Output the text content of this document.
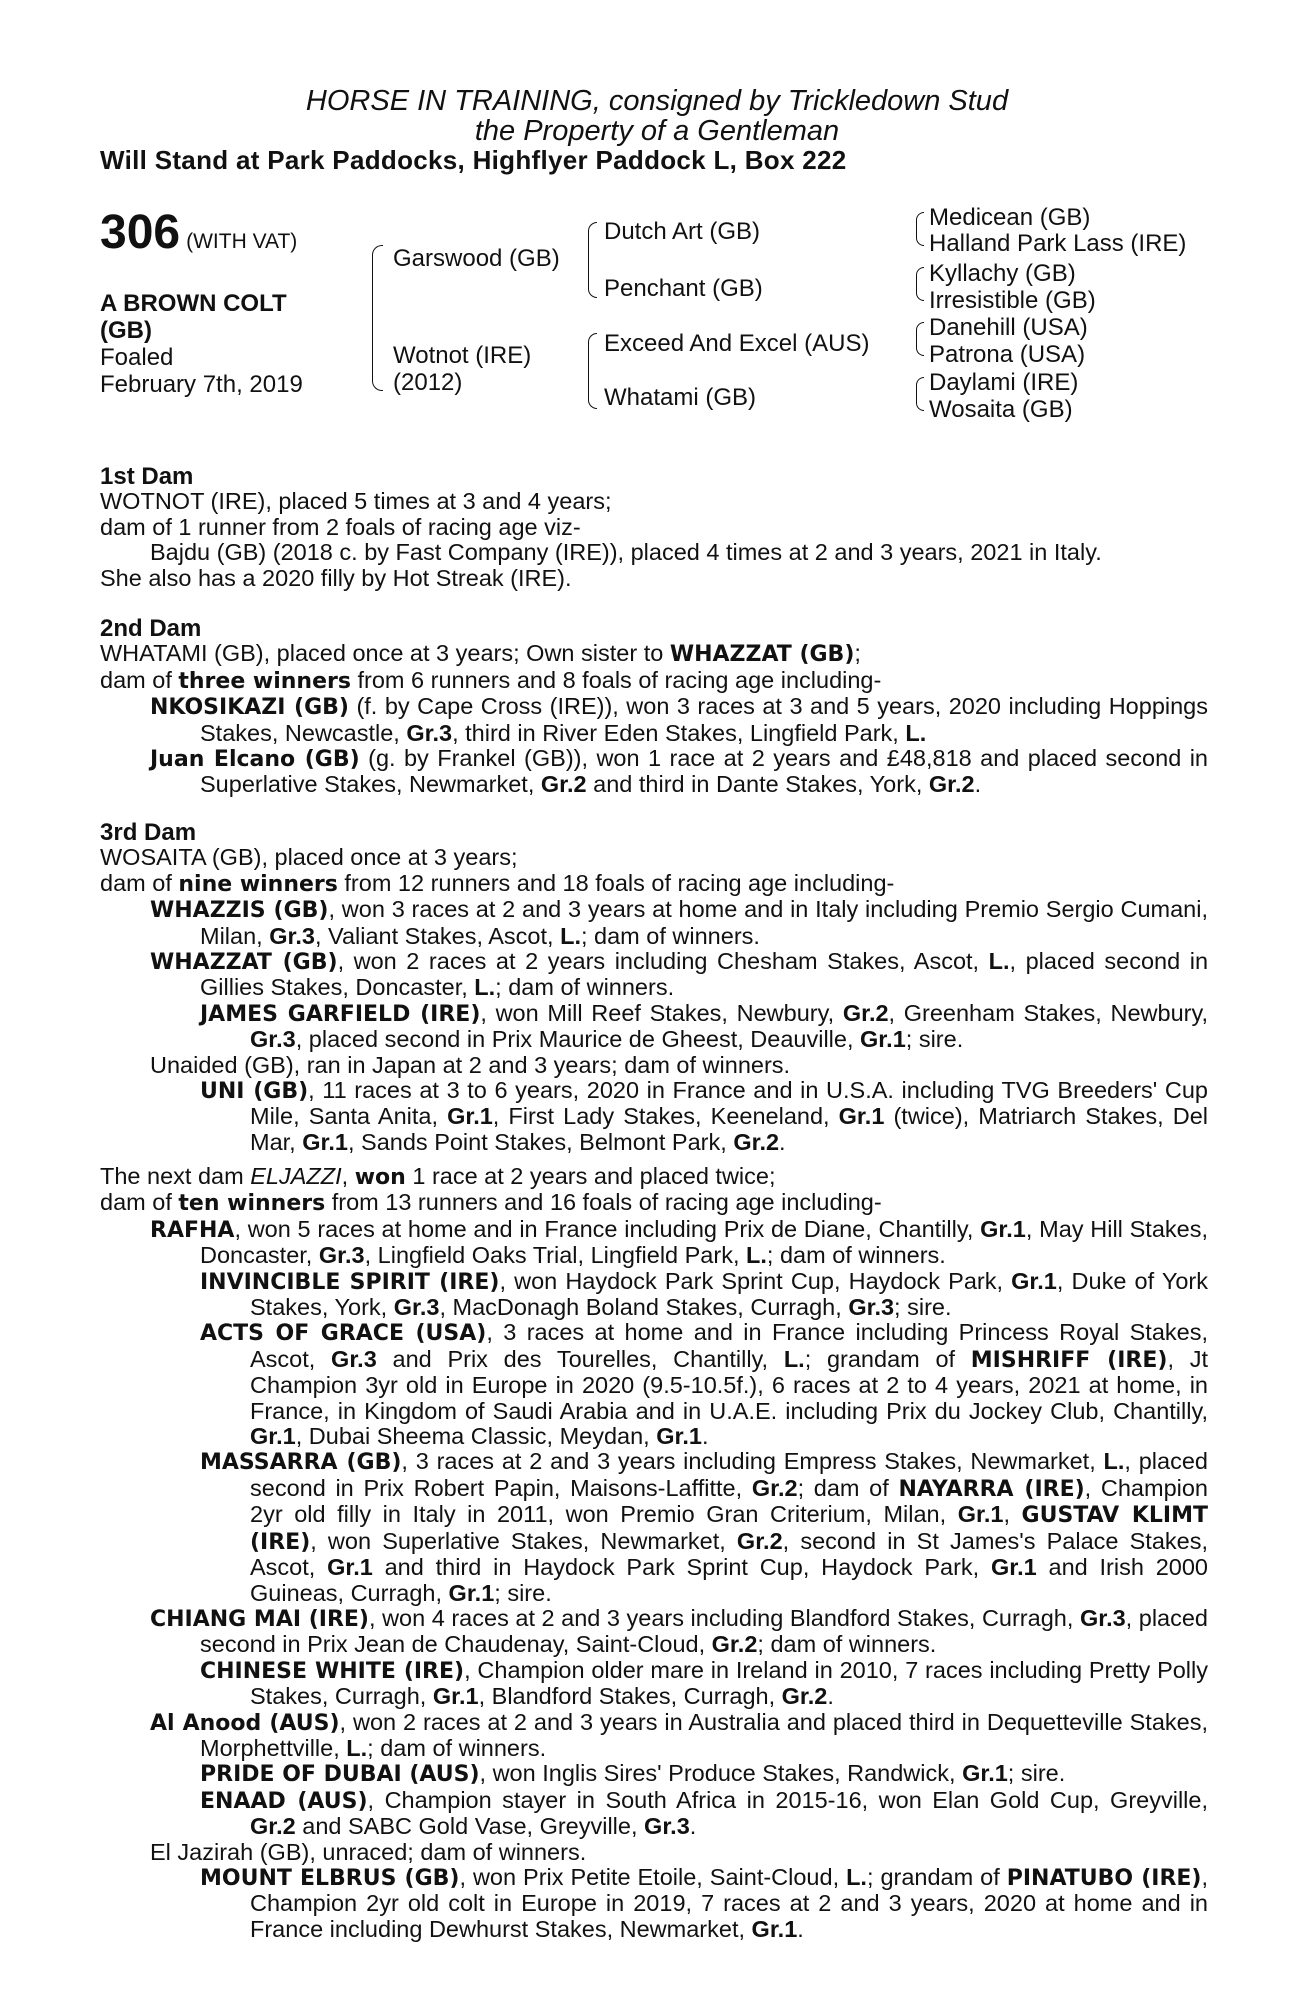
HORSE IN TRAINING, consigned by Trickledown Stud
the Property of a Gentleman
Will Stand at Park Paddocks, Highflyer Paddock L, Box 222
306 (WITH VAT)
A BROWN COLT
(GB)
Foaled
February 7th, 2019
Garswood (GB)
Wotnot (IRE)
(2012)
Dutch Art (GB)
Penchant (GB)
Exceed And Excel (AUS)
Whatami (GB)
Medicean (GB)
Halland Park Lass (IRE)
Kyllachy (GB)
Irresistible (GB)
Danehill (USA)
Patrona (USA)
Daylami (IRE)
Wosaita (GB)

1st Dam

WOTNOT (IRE), placed 5 times at 3 and 4 years;

dam of 1 runner from 2 foals of racing age viz-

Bajdu (GB) (2018 c. by Fast Company (IRE)), placed 4 times at 2 and 3 years, 2021 in Italy.

She also has a 2020 filly by Hot Streak (IRE).

2nd Dam

WHATAMI (GB), placed once at 3 years; Own sister to WHAZZAT (GB);

dam of three winners from 6 runners and 8 foals of racing age including-

NKOSIKAZI (GB) (f. by Cape Cross (IRE)), won 3 races at 3 and 5 years, 2020 including Hoppings Stakes, Newcastle, Gr.3, third in River Eden Stakes, Lingfield Park, L.

Juan Elcano (GB) (g. by Frankel (GB)), won 1 race at 2 years and £48,818 and placed second in Superlative Stakes, Newmarket, Gr.2 and third in Dante Stakes, York, Gr.2.

3rd Dam

WOSAITA (GB), placed once at 3 years;

dam of nine winners from 12 runners and 18 foals of racing age including-

WHAZZIS (GB), won 3 races at 2 and 3 years at home and in Italy including Premio Sergio Cumani, Milan, Gr.3, Valiant Stakes, Ascot, L.; dam of winners.

WHAZZAT (GB), won 2 races at 2 years including Chesham Stakes, Ascot, L., placed second in Gillies Stakes, Doncaster, L.; dam of winners.

JAMES GARFIELD (IRE), won Mill Reef Stakes, Newbury, Gr.2, Greenham Stakes, Newbury, Gr.3, placed second in Prix Maurice de Gheest, Deauville, Gr.1; sire.

Unaided (GB), ran in Japan at 2 and 3 years; dam of winners.

UNI (GB), 11 races at 3 to 6 years, 2020 in France and in U.S.A. including TVG Breeders' Cup Mile, Santa Anita, Gr.1, First Lady Stakes, Keeneland, Gr.1 (twice), Matriarch Stakes, Del Mar, Gr.1, Sands Point Stakes, Belmont Park, Gr.2.

The next dam ELJAZZI, won 1 race at 2 years and placed twice;

dam of ten winners from 13 runners and 16 foals of racing age including-

RAFHA, won 5 races at home and in France including Prix de Diane, Chantilly, Gr.1, May Hill Stakes, Doncaster, Gr.3, Lingfield Oaks Trial, Lingfield Park, L.; dam of winners.

INVINCIBLE SPIRIT (IRE), won Haydock Park Sprint Cup, Haydock Park, Gr.1, Duke of York Stakes, York, Gr.3, MacDonagh Boland Stakes, Curragh, Gr.3; sire.

ACTS OF GRACE (USA), 3 races at home and in France including Princess Royal Stakes, Ascot, Gr.3 and Prix des Tourelles, Chantilly, L.; grandam of MISHRIFF (IRE), Jt Champion 3yr old in Europe in 2020 (9.5-10.5f.), 6 races at 2 to 4 years, 2021 at home, in France, in Kingdom of Saudi Arabia and in U.A.E. including Prix du Jockey Club, Chantilly, Gr.1, Dubai Sheema Classic, Meydan, Gr.1.

MASSARRA (GB), 3 races at 2 and 3 years including Empress Stakes, Newmarket, L., placed second in Prix Robert Papin, Maisons-Laffitte, Gr.2; dam of NAYARRA (IRE), Champion 2yr old filly in Italy in 2011, won Premio Gran Criterium, Milan, Gr.1, GUSTAV KLIMT (IRE), won Superlative Stakes, Newmarket, Gr.2, second in St James's Palace Stakes, Ascot, Gr.1 and third in Haydock Park Sprint Cup, Haydock Park, Gr.1 and Irish 2000 Guineas, Curragh, Gr.1; sire.

CHIANG MAI (IRE), won 4 races at 2 and 3 years including Blandford Stakes, Curragh, Gr.3, placed second in Prix Jean de Chaudenay, Saint-Cloud, Gr.2; dam of winners.

CHINESE WHITE (IRE), Champion older mare in Ireland in 2010, 7 races including Pretty Polly Stakes, Curragh, Gr.1, Blandford Stakes, Curragh, Gr.2.

Al Anood (AUS), won 2 races at 2 and 3 years in Australia and placed third in Dequetteville Stakes, Morphettville, L.; dam of winners.

PRIDE OF DUBAI (AUS), won Inglis Sires' Produce Stakes, Randwick, Gr.1; sire.

ENAAD (AUS), Champion stayer in South Africa in 2015-16, won Elan Gold Cup, Greyville, Gr.2 and SABC Gold Vase, Greyville, Gr.3.

El Jazirah (GB), unraced; dam of winners.

MOUNT ELBRUS (GB), won Prix Petite Etoile, Saint-Cloud, L.; grandam of PINATUBO (IRE), Champion 2yr old colt in Europe in 2019, 7 races at 2 and 3 years, 2020 at home and in France including Dewhurst Stakes, Newmarket, Gr.1.
